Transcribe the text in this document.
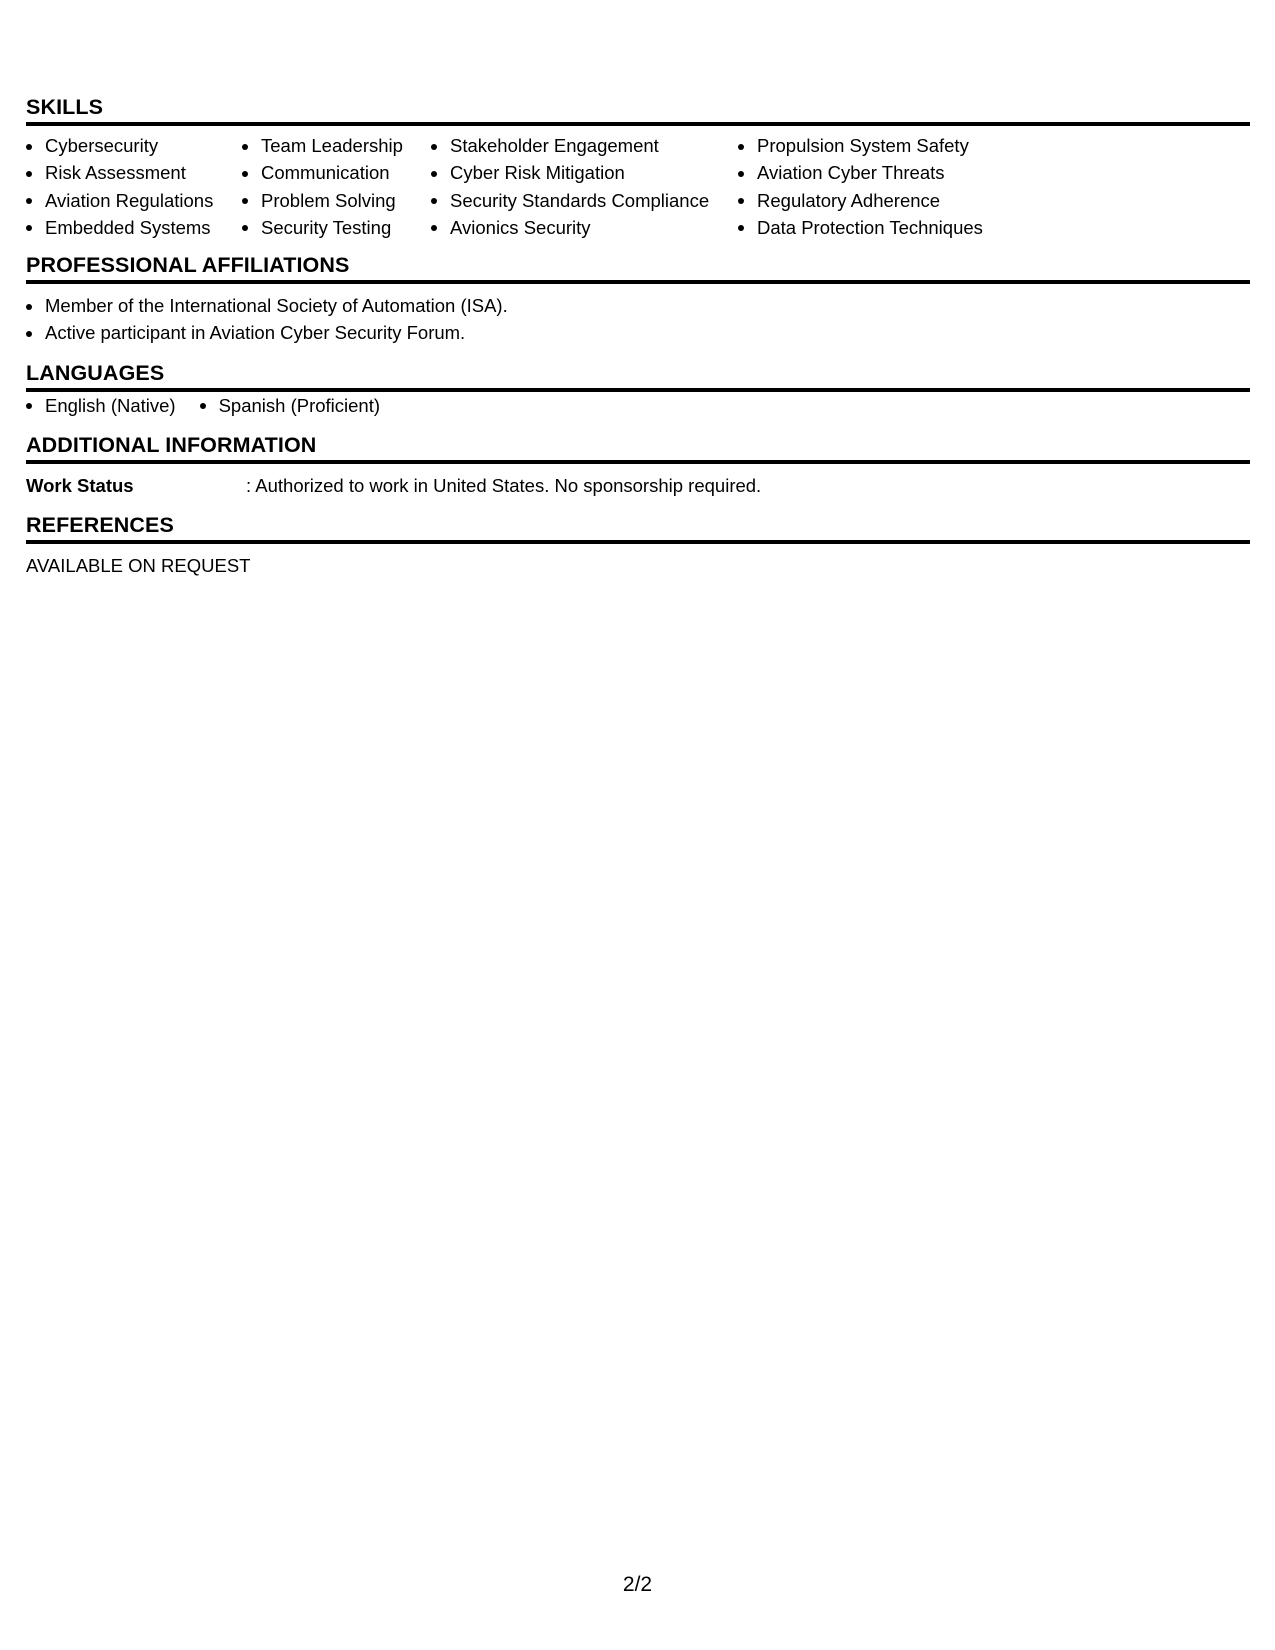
SKILLS
Cybersecurity
Risk Assessment
Aviation Regulations
Embedded Systems
Team Leadership
Communication
Problem Solving
Security Testing
Stakeholder Engagement
Cyber Risk Mitigation
Security Standards Compliance
Avionics Security
Propulsion System Safety
Aviation Cyber Threats
Regulatory Adherence
Data Protection Techniques
PROFESSIONAL AFFILIATIONS
Member of the International Society of Automation (ISA).
Active participant in Aviation Cyber Security Forum.
LANGUAGES
English (Native)	Spanish (Proficient)
ADDITIONAL INFORMATION
Work Status	: Authorized to work in United States. No sponsorship required.
REFERENCES
AVAILABLE ON REQUEST
2/2
